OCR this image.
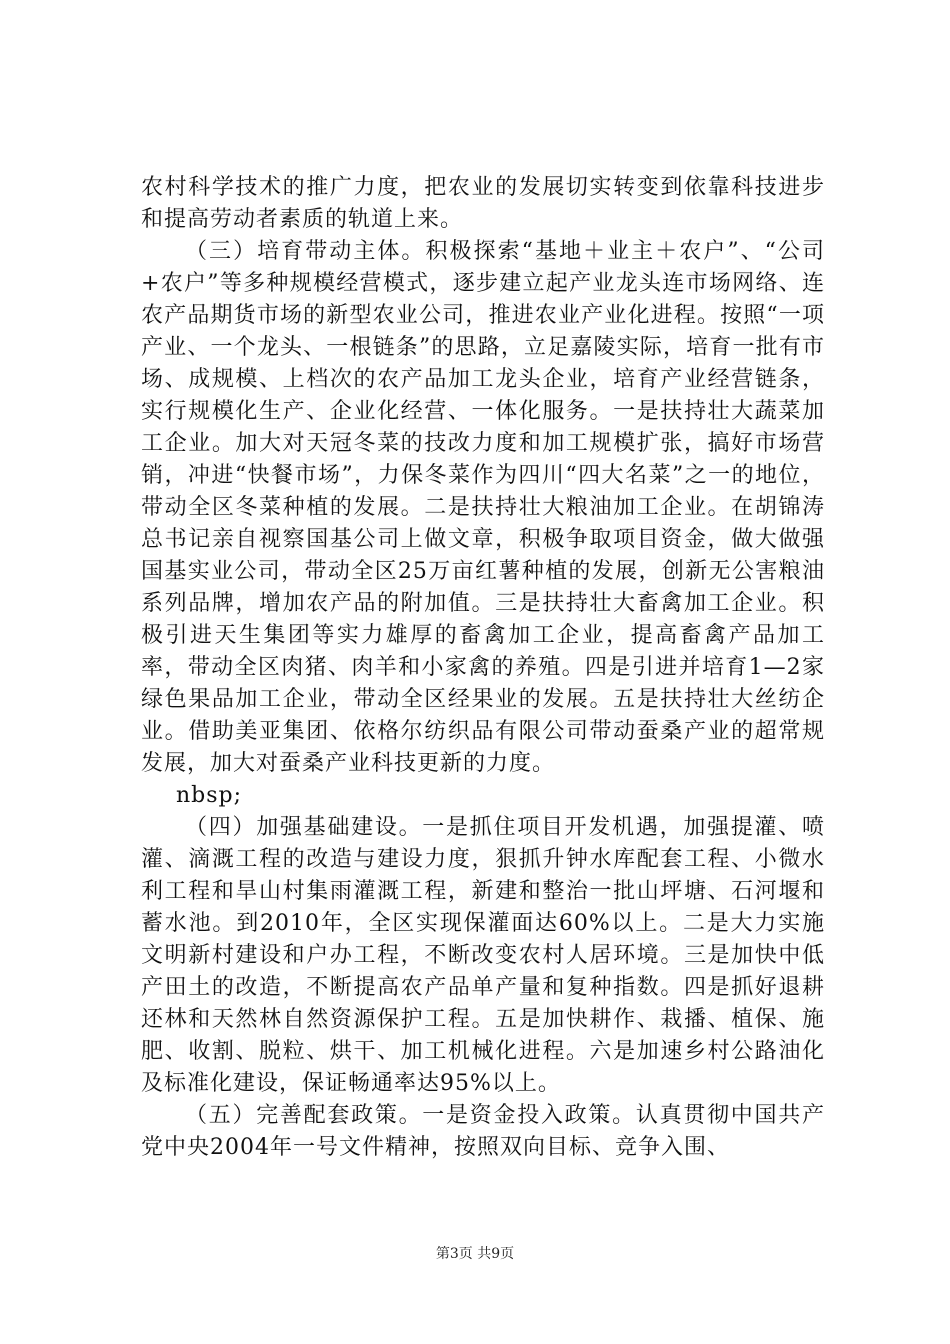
农村科学技术的推广力度，把农业的发展切实转变到依靠科技进步和提高劳动者素质的轨道上来。

（三）培育带动主体。积极探索“基地＋业主＋农户”、“公司+农户”等多种规模经营模式，逐步建立起产业龙头连市场网络、连农产品期货市场的新型农业公司，推进农业产业化进程。按照“一项产业、一个龙头、一根链条”的思路，立足嘉陵实际，培育一批有市场、成规模、上档次的农产品加工龙头企业，培育产业经营链条，实行规模化生产、企业化经营、一体化服务。一是扶持壮大蔬菜加工企业。加大对天冠冬菜的技改力度和加工规模扩张，搞好市场营销，冲进“快餐市场”，力保冬菜作为四川“四大名菜”之一的地位，带动全区冬菜种植的发展。二是扶持壮大粮油加工企业。在胡锦涛总书记亲自视察国基公司上做文章，积极争取项目资金，做大做强国基实业公司，带动全区25万亩红薯种植的发展，创新无公害粮油系列品牌，增加农产品的附加值。三是扶持壮大畜禽加工企业。积极引进天生集团等实力雄厚的畜禽加工企业，提高畜禽产品加工率，带动全区肉猪、肉羊和小家禽的养殖。四是引进并培育1—2家绿色果品加工企业，带动全区经果业的发展。五是扶持壮大丝纺企业。借助美亚集团、依格尔纺织品有限公司带动蚕桑产业的超常规发展，加大对蚕桑产业科技更新的力度。

nbsp;

（四）加强基础建设。一是抓住项目开发机遇，加强提灌、喷灌、滴溉工程的改造与建设力度，狠抓升钟水库配套工程、小微水利工程和旱山村集雨灌溉工程，新建和整治一批山坪塘、石河堰和蓄水池。到2010年，全区实现保灌面达60%以上。二是大力实施文明新村建设和户办工程，不断改变农村人居环境。三是加快中低产田土的改造，不断提高农产品单产量和复种指数。四是抓好退耕还林和天然林自然资源保护工程。五是加快耕作、栽播、植保、施肥、收割、脱粒、烘干、加工机械化进程。六是加速乡村公路油化及标准化建设，保证畅通率达95%以上。

（五）完善配套政策。一是资金投入政策。认真贯彻中国共产党中央2004年一号文件精神，按照双向目标、竞争入围、

第3页 共9页
